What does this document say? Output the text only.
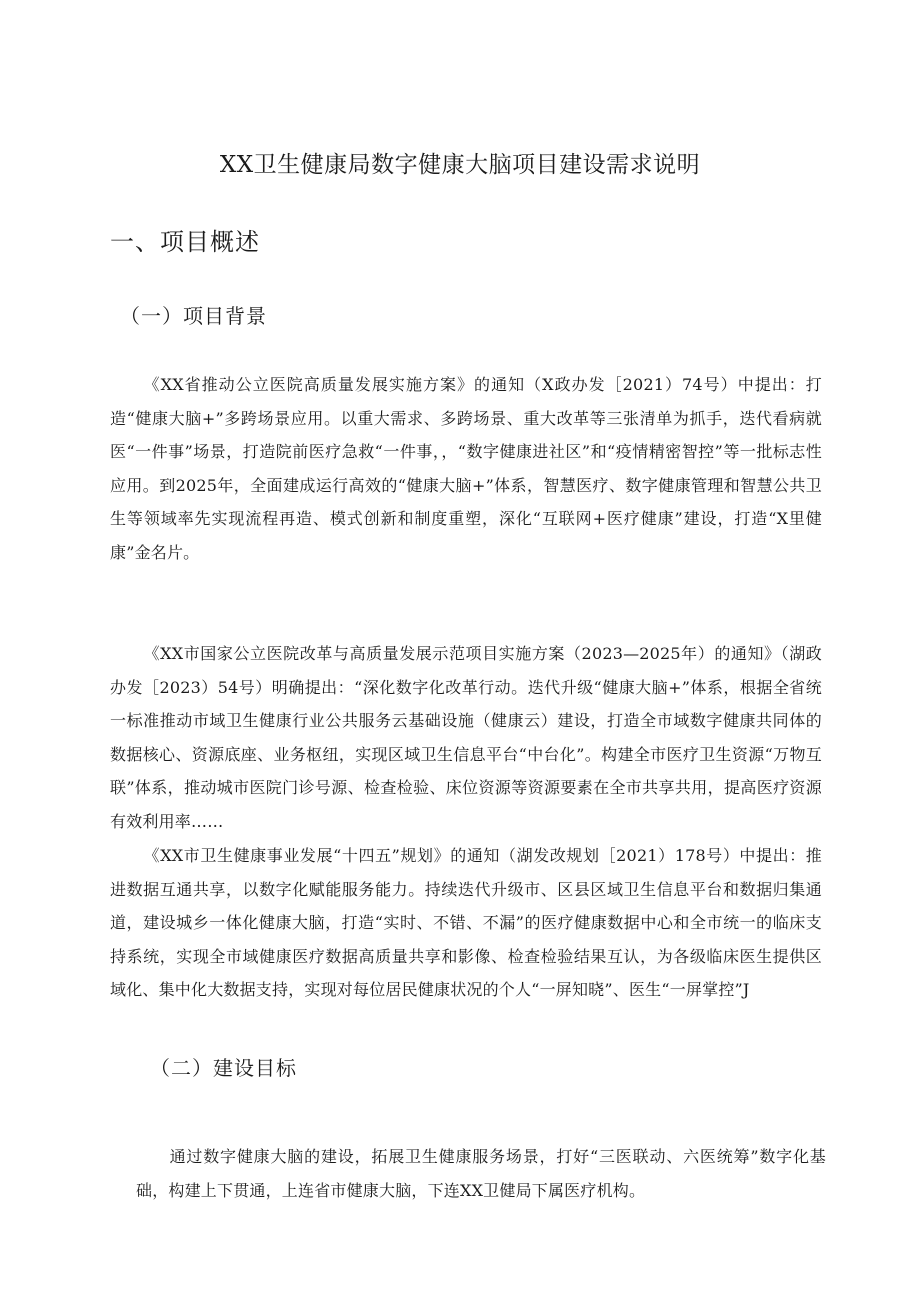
XX卫生健康局数字健康大脑项目建设需求说明
一、项目概述
（一）项目背景

《XX省推动公立医院高质量发展实施方案》的通知（X政办发［2021）74号）中提出：打造“健康大脑+”多跨场景应用。以重大需求、多跨场景、重大改革等三张清单为抓手，迭代看病就医“一件事”场景，打造院前医疗急救“一件事，，“数字健康进社区”和“疫情精密智控”等一批标志性应用。到2025年，全面建成运行高效的“健康大脑+”体系，智慧医疗、数字健康管理和智慧公共卫生等领域率先实现流程再造、模式创新和制度重塑，深化“互联网+医疗健康”建设，打造“X里健康”金名片。

《XX市国家公立医院改革与高质量发展示范项目实施方案（2023—2025年）的通知》（湖政办发［2023）54号）明确提出：“深化数字化改革行动。迭代升级“健康大脑+”体系，根据全省统一标准推动市域卫生健康行业公共服务云基础设施（健康云）建设，打造全市域数字健康共同体的数据核心、资源底座、业务枢纽，实现区域卫生信息平台“中台化”。构建全市医疗卫生资源“万物互联”体系，推动城市医院门诊号源、检查检验、床位资源等资源要素在全市共享共用，提高医疗资源有效利用率……

《XX市卫生健康事业发展“十四五”规划》的通知（湖发改规划［2021）178号）中提出：推进数据互通共享，以数字化赋能服务能力。持续迭代升级市、区县区域卫生信息平台和数据归集通道，建设城乡一体化健康大脑，打造“实时、不错、不漏”的医疗健康数据中心和全市统一的临床支持系统，实现全市域健康医疗数据高质量共享和影像、检查检验结果互认，为各级临床医生提供区域化、集中化大数据支持，实现对每位居民健康状况的个人“一屏知晓”、医生“一屏掌控”J

（二）建设目标

通过数字健康大脑的建设，拓展卫生健康服务场景，打好“三医联动、六医统筹”数字化基础，构建上下贯通，上连省市健康大脑，下连XX卫健局下属医疗机构。
